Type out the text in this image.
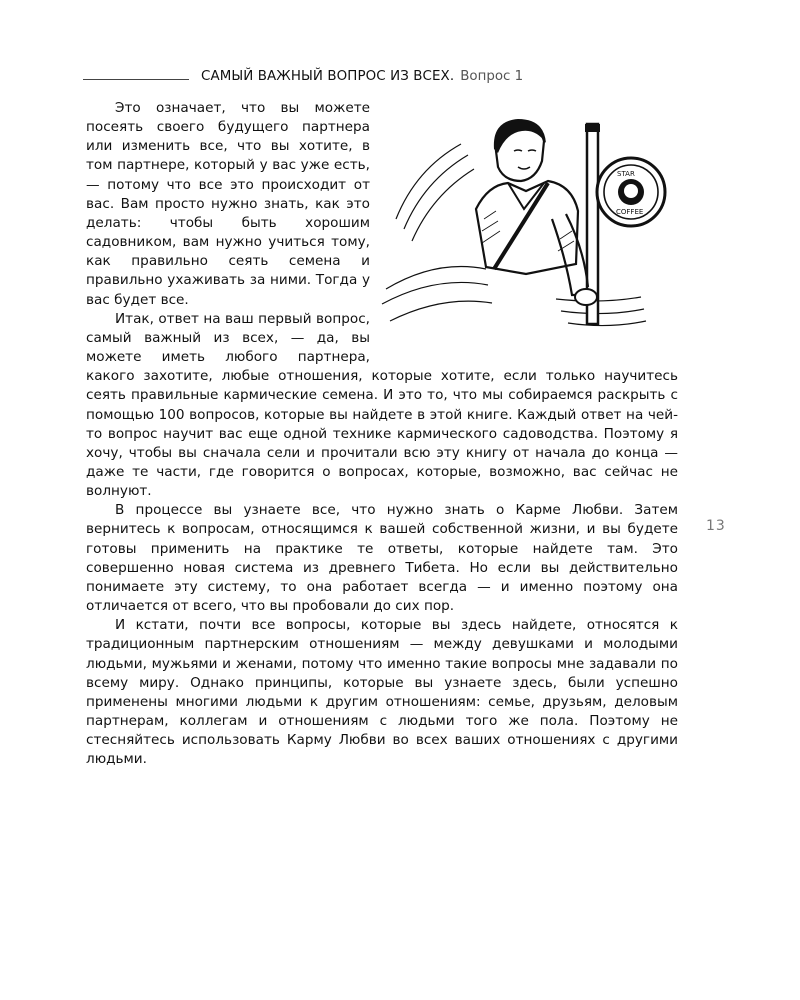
САМЫЙ ВАЖНЫЙ ВОПРОС ИЗ ВСЕХ. Вопрос 1
STAR
COFFEE

Это означает, что вы можете посеять своего будущего партнера или изменить все, что вы хотите, в том партнере, который у вас уже есть, — потому что все это происходит от вас. Вам просто нужно знать, как это делать: чтобы быть хорошим садовником, вам нужно учиться тому, как правильно сеять семена и правильно ухаживать за ними. Тогда у вас будет все.

Итак, ответ на ваш первый вопрос, самый важный из всех, — да, вы можете иметь любого партнера, какого захотите, любые отношения, которые хотите, если только научитесь сеять правильные кармические семена. И это то, что мы собираемся раскрыть с помощью 100 вопросов, которые вы найдете в этой книге. Каждый ответ на чей-то вопрос научит вас еще одной технике кармического садоводства. Поэтому я хочу, чтобы вы сначала сели и прочитали всю эту книгу от начала до конца — даже те части, где говорится о вопросах, которые, возможно, вас сейчас не волнуют.

В процессе вы узнаете все, что нужно знать о Карме Любви. Затем вернитесь к вопросам, относящимся к вашей собственной жизни, и вы будете готовы применить на практике те ответы, которые найдете там. Это совершенно новая система из древнего Тибета. Но если вы действительно понимаете эту систему, то она работает всегда — и именно поэтому она отличается от всего, что вы пробовали до сих пор.

И кстати, почти все вопросы, которые вы здесь найдете, относятся к традиционным партнерским отношениям — между девушками и молодыми людьми, мужьями и женами, потому что именно такие вопросы мне задавали по всему миру. Однако принципы, которые вы узнаете здесь, были успешно применены многими людьми к другим отношениям: семье, друзьям, деловым партнерам, коллегам и отношениям с людьми того же пола. Поэтому не стесняйтесь использовать Карму Любви во всех ваших отношениях с другими людьми.

13
